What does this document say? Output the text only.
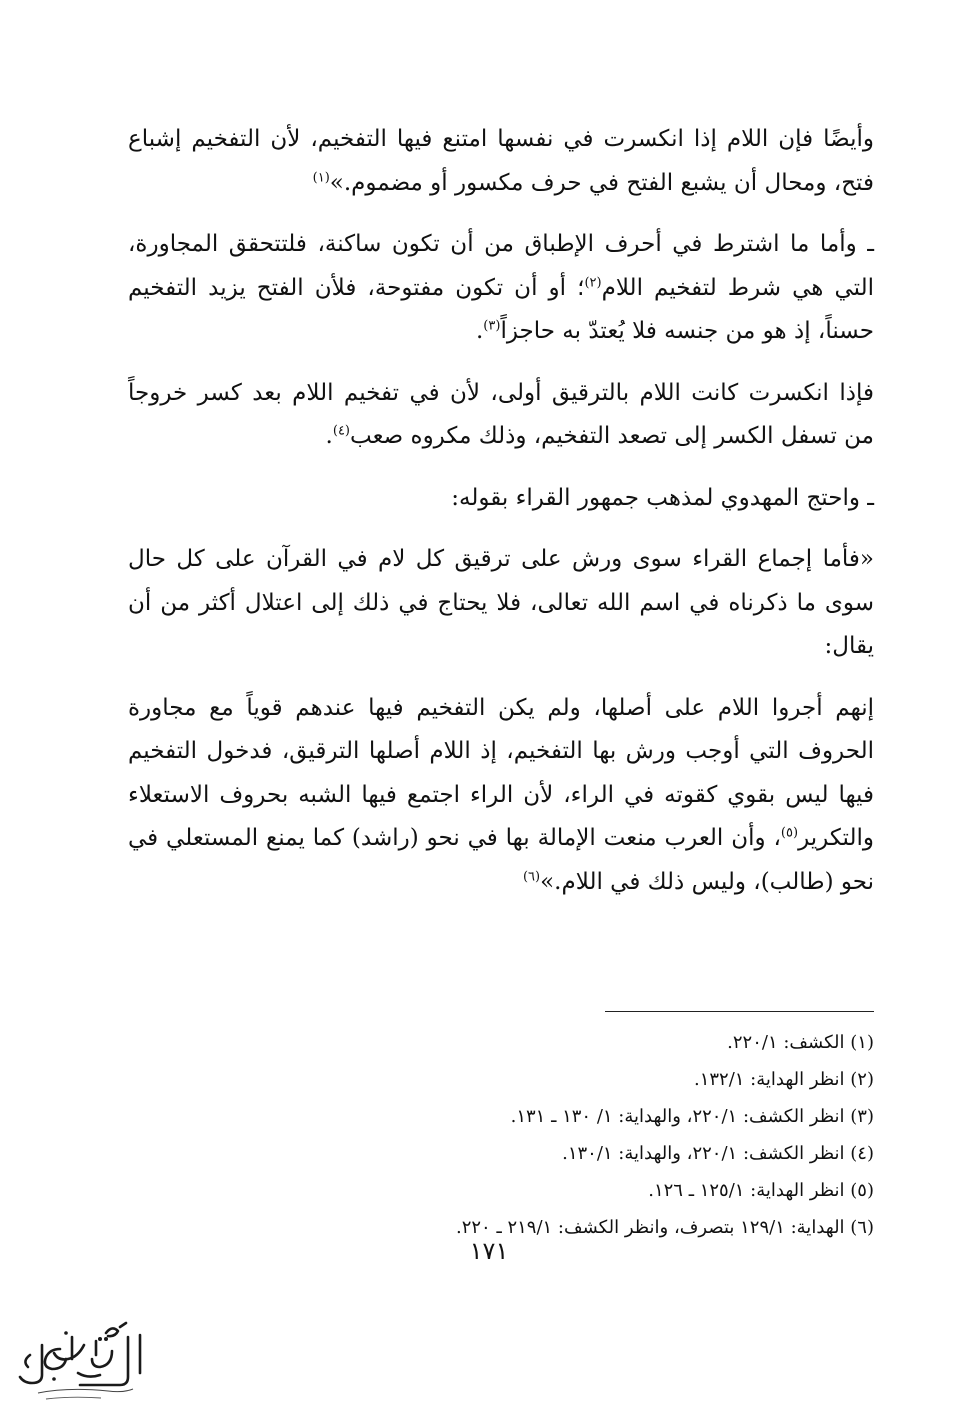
وأيضًا فإن اللام إذا انكسرت في نفسها امتنع فيها التفخيم، لأن التفخيم إشباع فتح، ومحال أن يشبع الفتح في حرف مكسور أو مضموم.»$^{(١)}$

ـ وأما ما اشترط في أحرف الإطباق من أن تكون ساكنة، فلتتحقق المجاورة، التي هي شرط لتفخيم اللام$^{(٢)}$؛ أو أن تكون مفتوحة، فلأن الفتح يزيد التفخيم حسناً، إذ هو من جنسه فلا يُعتدّ به حاجزاً$^{(٣)}$.

فإذا انكسرت كانت اللام بالترقيق أولى، لأن في تفخيم اللام بعد كسر خروجاً من تسفل الكسر إلى تصعد التفخيم، وذلك مكروه صعب$^{(٤)}$.

ـ واحتج المهدوي لمذهب جمهور القراء بقوله:

«فأما إجماع القراء سوى ورش على ترقيق كل لام في القرآن على كل حال سوى ما ذكرناه في اسم الله تعالى، فلا يحتاج في ذلك إلى اعتلال أكثر من أن يقال:

إنهم أجروا اللام على أصلها، ولم يكن التفخيم فيها عندهم قوياً مع مجاورة الحروف التي أوجب ورش بها التفخيم، إذ اللام أصلها الترقيق، فدخول التفخيم فيها ليس بقوي كقوته في الراء، لأن الراء اجتمع فيها الشبه بحروف الاستعلاء والتكرير$^{(٥)}$، وأن العرب منعت الإمالة بها في نحو (راشد) كما يمنع المستعلي في نحو (طالب)، وليس ذلك في اللام.»$^{(٦)}$

(١) الكشف: ٢٢٠/١.
(٢) انظر الهداية: ١٣٢/١.
(٣) انظر الكشف: ٢٢٠/١، والهداية: ١/ ١٣٠ ـ ١٣١.
(٤) انظر الكشف: ٢٢٠/١، والهداية: ١٣٠/١.
(٥) انظر الهداية: ١٢٥/١ ـ ١٢٦.
(٦) الهداية: ١٢٩/١ بتصرف، وانظر الكشف: ٢١٩/١ ـ ٢٢٠.
١٧١
